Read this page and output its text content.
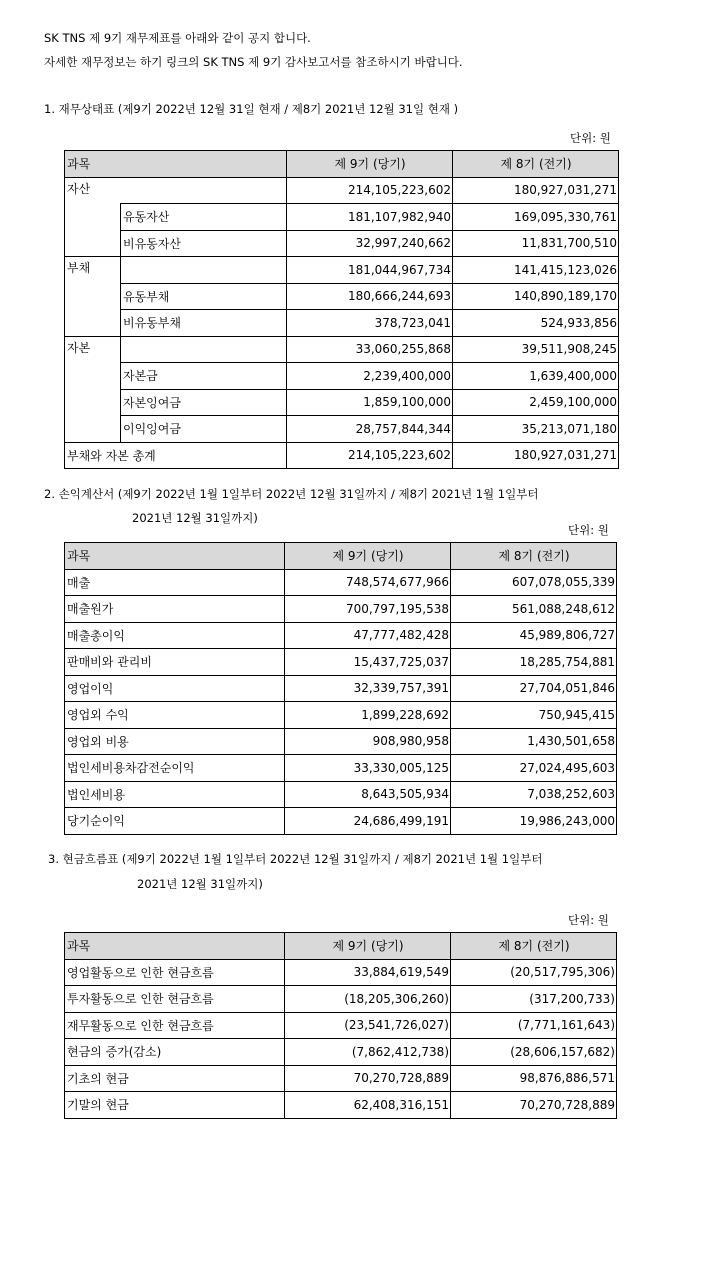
SK TNS 제 9기 재무제표를 아래와 같이 공지 합니다.
자세한 재무정보는 하기 링크의 SK TNS 제 9기 감사보고서를 참조하시기 바랍니다.
1. 재무상태표 (제9기 2022년 12월 31일 현재 / 제8기 2021년 12월 31일 현재 )
단위: 원
과목		제 9기 (당기)	제 8기 (전기)
자산		214,105,223,602	180,927,031,271
	유동자산	181,107,982,940	169,095,330,761
	비유동자산	32,997,240,662	11,831,700,510
부채		181,044,967,734	141,415,123,026
	유동부채	180,666,244,693	140,890,189,170
	비유동부채	378,723,041	524,933,856
자본		33,060,255,868	39,511,908,245
	자본금	2,239,400,000	1,639,400,000
	자본잉여금	1,859,100,000	2,459,100,000
	이익잉여금	28,757,844,344	35,213,071,180
부채와 자본 총계		214,105,223,602	180,927,031,271
2. 손익계산서 (제9기 2022년 1월 1일부터 2022년 12월 31일까지 / 제8기 2021년 1월 1일부터
2021년 12월 31일까지)
단위: 원
과목	제 9기 (당기)	제 8기 (전기)
매출	748,574,677,966	607,078,055,339
매출원가	700,797,195,538	561,088,248,612
매출총이익	47,777,482,428	45,989,806,727
판매비와 관리비	15,437,725,037	18,285,754,881
영업이익	32,339,757,391	27,704,051,846
영업외 수익	1,899,228,692	750,945,415
영업외 비용	908,980,958	1,430,501,658
법인세비용차감전순이익	33,330,005,125	27,024,495,603
법인세비용	8,643,505,934	7,038,252,603
당기순이익	24,686,499,191	19,986,243,000
3. 현금흐름표 (제9기 2022년 1월 1일부터 2022년 12월 31일까지 / 제8기 2021년 1월 1일부터
2021년 12월 31일까지)
단위: 원
과목	제 9기 (당기)	제 8기 (전기)
영업활동으로 인한 현금흐름	33,884,619,549	(20,517,795,306)
투자활동으로 인한 현금흐름	(18,205,306,260)	(317,200,733)
재무활동으로 인한 현금흐름	(23,541,726,027)	(7,771,161,643)
현금의 증가(감소)	(7,862,412,738)	(28,606,157,682)
기초의 현금	70,270,728,889	98,876,886,571
기말의 현금	62,408,316,151	70,270,728,889
